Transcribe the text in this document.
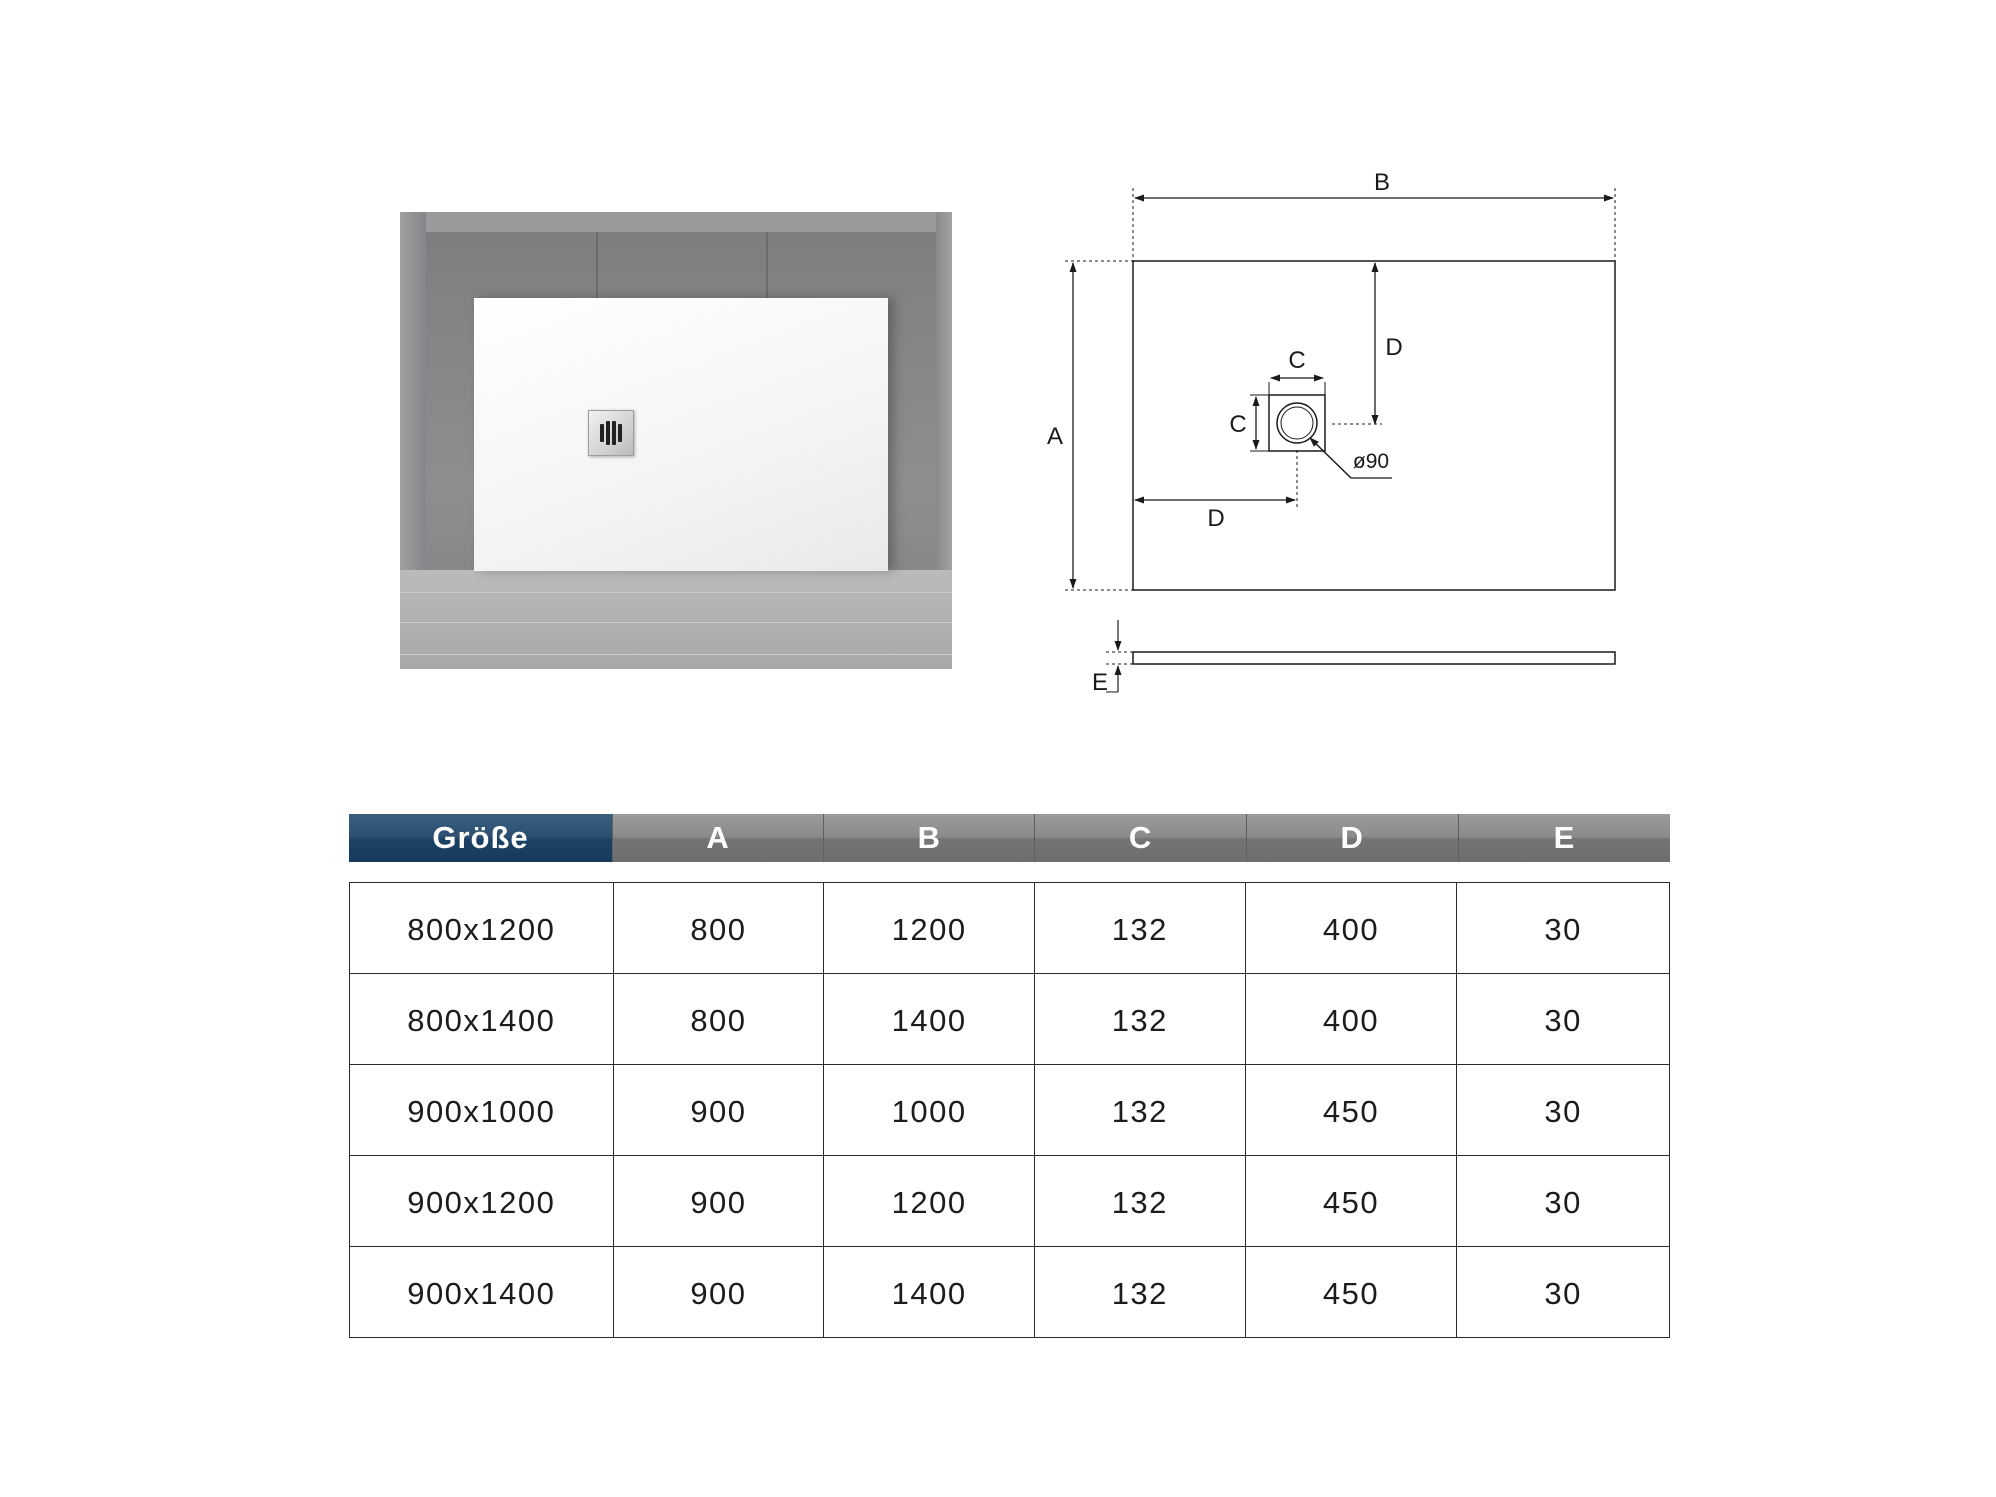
B
A
D
D
C
C
ø90
E
Größe	A	B	C	D	E
800x1200	800	1200	132	400	30
800x1400	800	1400	132	400	30
900x1000	900	1000	132	450	30
900x1200	900	1200	132	450	30
900x1400	900	1400	132	450	30
